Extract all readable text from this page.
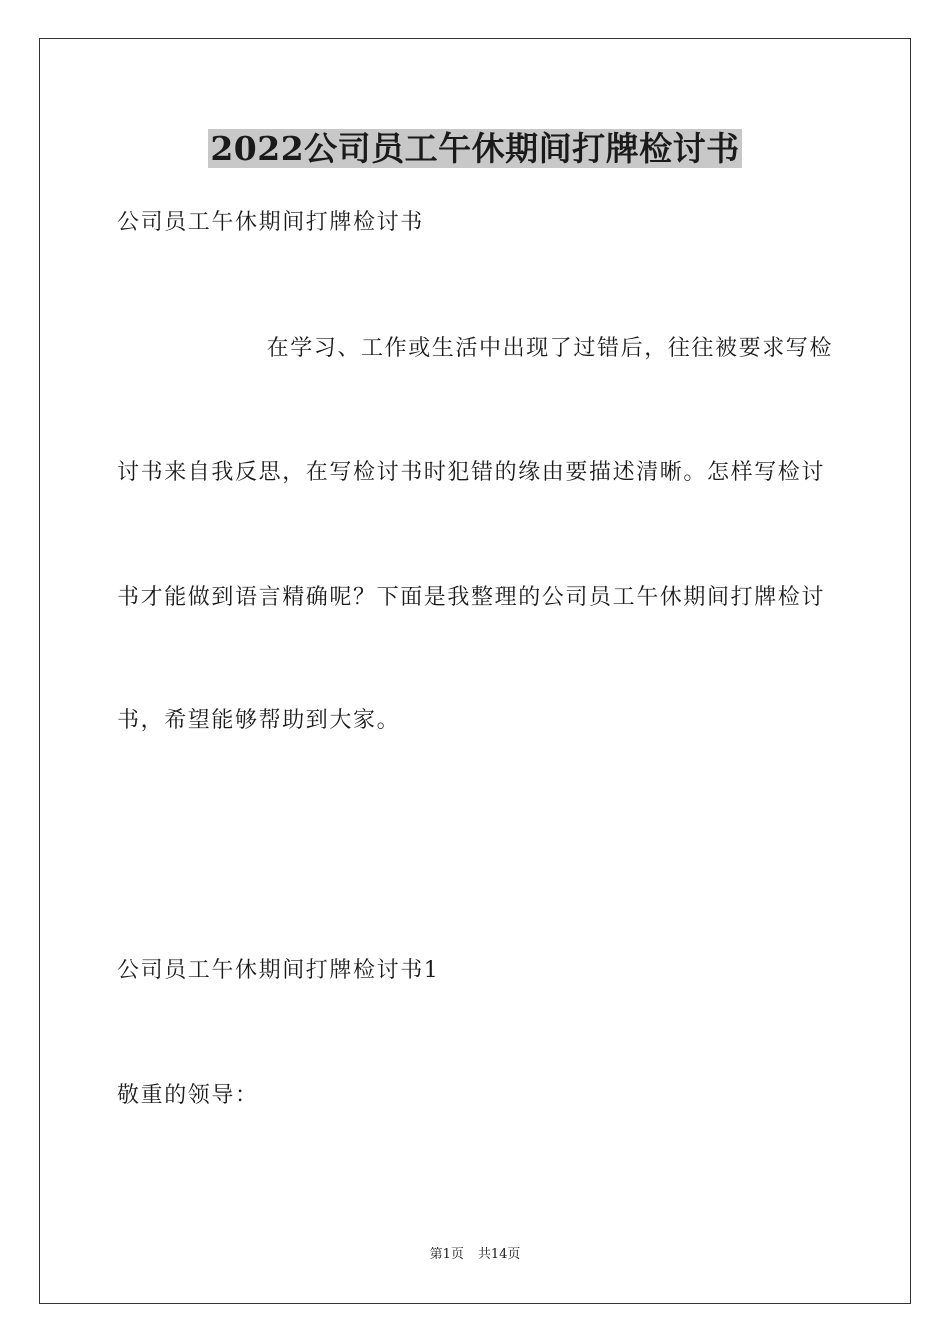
2022公司员工午休期间打牌检讨书
公司员工午休期间打牌检讨书
在学习、工作或生活中出现了过错后，往往被要求写检
讨书来自我反思，在写检讨书时犯错的缘由要描述清晰。怎样写检讨
书才能做到语言精确呢？下面是我整理的公司员工午休期间打牌检讨
书，希望能够帮助到大家。
公司员工午休期间打牌检讨书1
敬重的领导：
第1页 共14页
